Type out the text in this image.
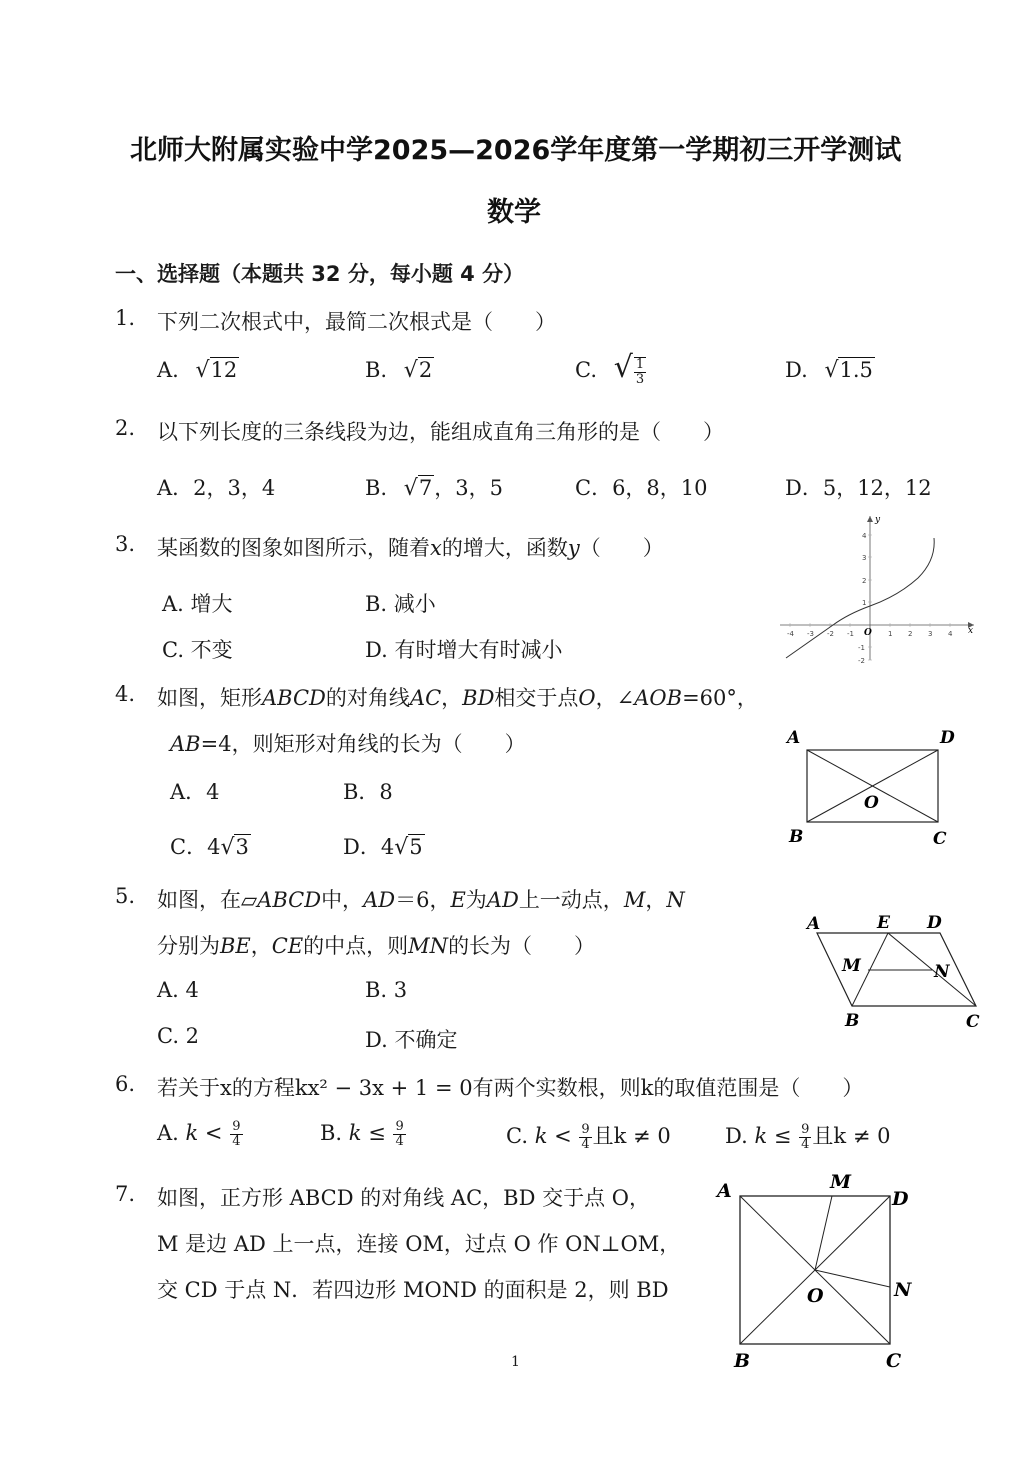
北师大附属实验中学2025—2026学年度第一学期初三开学测试
数学
一、选择题（本题共 32 分，每小题 4 分）
1. 下列二次根式中，最简二次根式是（　　）
A. √12	B. √2	C. √ $\frac{1}{3}$	D. √1.5
2. 以下列长度的三条线段为边，能组成直角三角形的是（　　）
A．2，3，4	B. √7，3，5	C．6，8，10	D．5，12，12
3. 某函数的图象如图所示，随着x的增大，函数y（　　）
A. 增大	B. 减小
C. 不变	D. 有时增大有时减小
-4 -3 -2 -1	1 2 3 4
4
3
2
1
-1
-2
O	x
y
4. 如图，矩形ABCD的对角线AC，BD相交于点O，∠AOB=60°，
AB=4，则矩形对角线的长为（　　）
A．4	B．8
C．4√3	D．4√5
A	D
B	C
O
5. 如图，在▱ABCD中，AD＝6，E为AD上一动点，M，N
分别为BE，CE的中点，则MN的长为（　　）
A. 4	B. 3
C. 2	D. 不确定
A	E D
M	N
B	C
6. 若关于x的方程kx² − 3x + 1 = 0有两个实数根，则k的取值范围是（　　）
A. $k < \frac{9}{4}$	B. $k \le \frac{9}{4}$	C. $k < \frac{9}{4}$ 且k ≠ 0	D. $k \le \frac{9}{4}$ 且k ≠ 0
7. 如图，正方形 ABCD 的对角线 AC，BD 交于点 O，
M 是边 AD 上一点，连接 OM，过点 O 作 ON⊥OM，
交 CD 于点 N．若四边形 MOND 的面积是 2，则 BD
A	M
D
N
O
B	C
1
